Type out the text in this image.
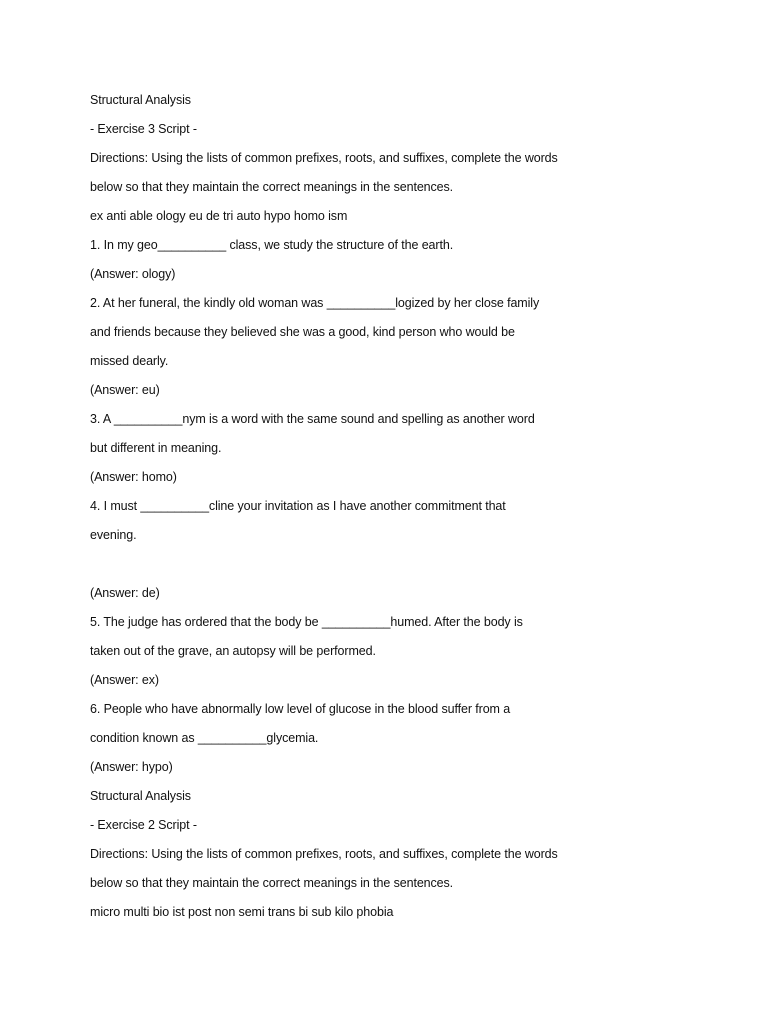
Structural Analysis
- Exercise 3 Script -
Directions: Using the lists of common prefixes, roots, and suffixes, complete the words
below so that they maintain the correct meanings in the sentences.
ex anti able ology eu de tri auto hypo homo ism
1. In my geo__________ class, we study the structure of the earth.
(Answer: ology)
2. At her funeral, the kindly old woman was __________logized by her close family
and friends because they believed she was a good, kind person who would be
missed dearly.
(Answer: eu)
3. A __________nym is a word with the same sound and spelling as another word
but different in meaning.
(Answer: homo)
4. I must __________cline your invitation as I have another commitment that
evening.
(Answer: de)
5. The judge has ordered that the body be __________humed. After the body is
taken out of the grave, an autopsy will be performed.
(Answer: ex)
6. People who have abnormally low level of glucose in the blood suffer from a
condition known as __________glycemia.
(Answer: hypo)
Structural Analysis
- Exercise 2 Script -
Directions: Using the lists of common prefixes, roots, and suffixes, complete the words
below so that they maintain the correct meanings in the sentences.
micro multi bio ist post non semi trans bi sub kilo phobia
